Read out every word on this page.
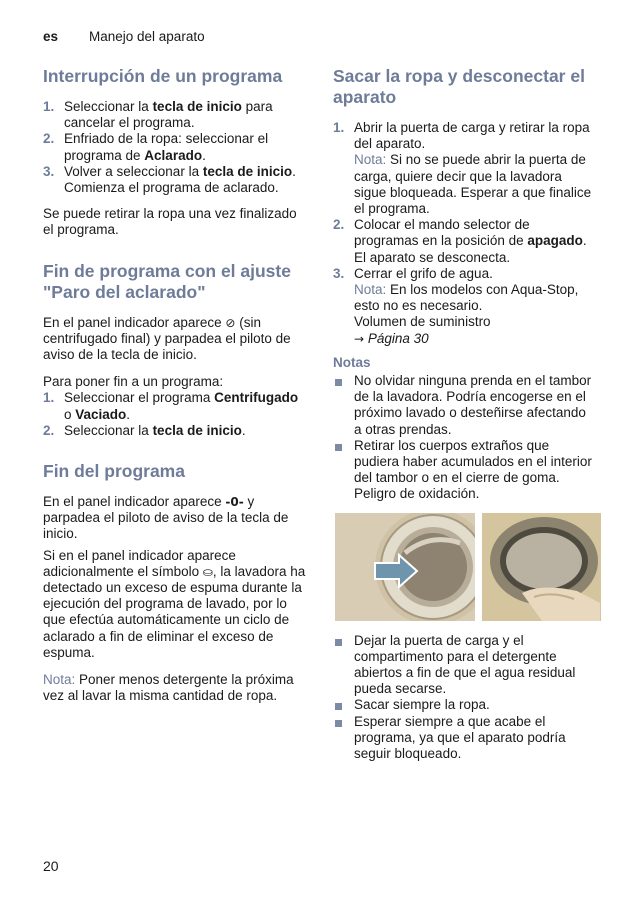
es Manejo del aparato
Interrupción de un programa
1. Seleccionar la tecla de inicio para cancelar el programa.
2. Enfriado de la ropa: seleccionar el programa de Aclarado.
3. Volver a seleccionar la tecla de inicio. Comienza el programa de aclarado.

Se puede retirar la ropa una vez finalizado el programa.

Fin de programa con el ajuste "Paro del aclarado"

En el panel indicador aparece ⊘ (sin centrifugado final) y parpadea el piloto de aviso de la tecla de inicio.

Para poner fin a un programa:

1. Seleccionar el programa Centrifugado o Vaciado.
2. Seleccionar la tecla de inicio.
Fin del programa

En el panel indicador aparece -0- y parpadea el piloto de aviso de la tecla de inicio.

Si en el panel indicador aparece adicionalmente el símbolo ⛀, la lavadora ha detectado un exceso de espuma durante la ejecución del programa de lavado, por lo que efectúa automáticamente un ciclo de aclarado a fin de eliminar el exceso de espuma.

Nota: Poner menos detergente la próxima vez al lavar la misma cantidad de ropa.

Sacar la ropa y desconectar el aparato
1. Abrir la puerta de carga y retirar la ropa del aparato.
Nota: Si no se puede abrir la puerta de carga, quiere decir que la lavadora sigue bloqueada. Esperar a que finalice el programa.
2. Colocar el mando selector de programas en la posición de apagado. El aparato se desconecta.
3. Cerrar el grifo de agua.
Nota: En los modelos con Aqua-Stop, esto no es necesario.
Volumen de suministro
→ Página 30
Notas
No olvidar ninguna prenda en el tambor de la lavadora. Podría encogerse en el próximo lavado o desteñirse afectando a otras prendas.
Retirar los cuerpos extraños que pudiera haber acumulados en el interior del tambor o en el cierre de goma. Peligro de oxidación.
Dejar la puerta de carga y el compartimento para el detergente abiertos a fin de que el agua residual pueda secarse.
Sacar siempre la ropa.
Esperar siempre a que acabe el programa, ya que el aparato podría seguir bloqueado.
20
